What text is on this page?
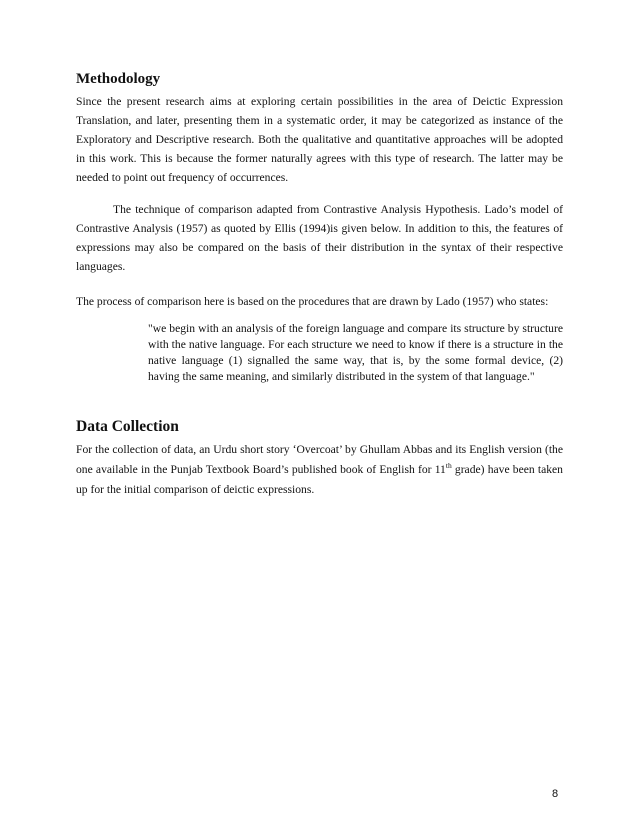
Methodology

Since the present research aims at exploring certain possibilities in the area of Deictic Expression Translation, and later, presenting them in a systematic order, it may be categorized as instance of the Exploratory and Descriptive research. Both the qualitative and quantitative approaches will be adopted in this work. This is because the former naturally agrees with this type of research. The latter may be needed to point out frequency of occurrences.

The technique of comparison adapted from Contrastive Analysis Hypothesis. Lado’s model of Contrastive Analysis (1957) as quoted by Ellis (1994)is given below. In addition to this, the features of expressions may also be compared on the basis of their distribution in the syntax of their respective languages.

The process of comparison here is based on the procedures that are drawn by Lado (1957) who states:

"we begin with an analysis of the foreign language and compare its structure by structure with the native language. For each structure we need to know if there is a structure in the native language (1) signalled the same way, that is, by the some formal device, (2) having the same meaning, and similarly distributed in the system of that language."
Data Collection

For the collection of data, an Urdu short story ‘Overcoat’ by Ghullam Abbas and its English version (the one available in the Punjab Textbook Board’s published book of English for 11th grade) have been taken up for the initial comparison of deictic expressions.

8
